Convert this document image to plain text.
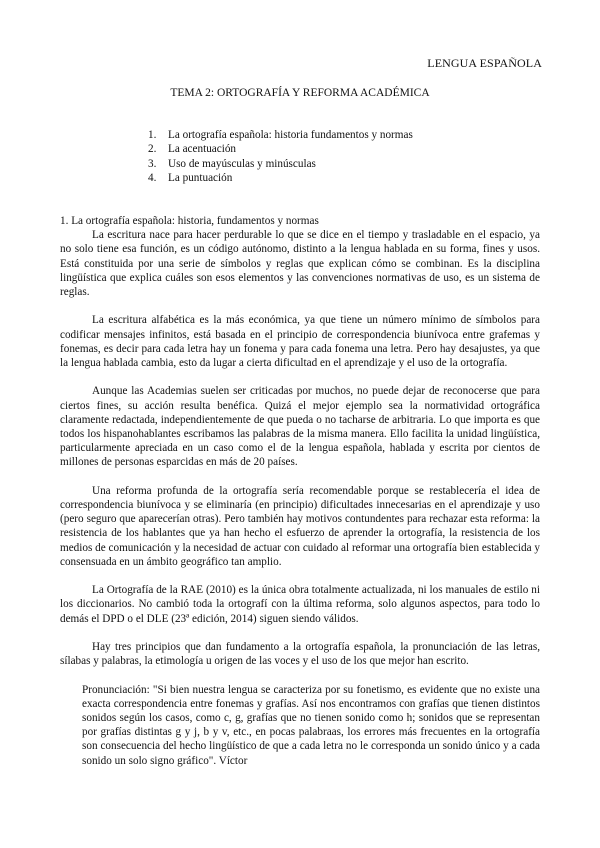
LENGUA ESPAÑOLA
TEMA 2: ORTOGRAFÍA Y REFORMA ACADÉMICA
1.	La ortografía española: historia fundamentos y normas
2.	La acentuación
3.	Uso de mayúsculas y minúsculas
4.	La puntuación

1. La ortografía española: historia, fundamentos y normas

La escritura nace para hacer perdurable lo que se dice en el tiempo y trasladable en el espacio, ya no solo tiene esa función, es un código autónomo, distinto a la lengua hablada en su forma, fines y usos. Está constituida por una serie de símbolos y reglas que explican cómo se combinan. Es la disciplina lingüística que explica cuáles son esos elementos y las convenciones normativas de uso, es un sistema de reglas.

La escritura alfabética es la más económica, ya que tiene un número mínimo de símbolos para codificar mensajes infinitos, está basada en el principio de correspondencia biunívoca entre grafemas y fonemas, es decir para cada letra hay un fonema y para cada fonema una letra. Pero hay desajustes, ya que la lengua hablada cambia, esto da lugar a cierta dificultad en el aprendizaje y el uso de la ortografía.

Aunque las Academias suelen ser criticadas por muchos, no puede dejar de reconocerse que para ciertos fines, su acción resulta benéfica. Quizá el mejor ejemplo sea la normatividad ortográfica claramente redactada, independientemente de que pueda o no tacharse de arbitraria. Lo que importa es que todos los hispanohablantes escribamos las palabras de la misma manera. Ello facilita la unidad lingüística, particularmente apreciada en un caso como el de la lengua española, hablada y escrita por cientos de millones de personas esparcidas en más de 20 países.

Una reforma profunda de la ortografía sería recomendable porque se restablecería el idea de correspondencia biunívoca y se eliminaría (en principio) dificultades innecesarias en el aprendizaje y uso (pero seguro que aparecerían otras). Pero también hay motivos contundentes para rechazar esta reforma: la resistencia de los hablantes que ya han hecho el esfuerzo de aprender la ortografía, la resistencia de los medios de comunicación y la necesidad de actuar con cuidado al reformar una ortografía bien establecida y consensuada en un ámbito geográfico tan amplio.

La Ortografía de la RAE (2010) es la única obra totalmente actualizada, ni los manuales de estilo ni los diccionarios. No cambió toda la ortografí con la última reforma, solo algunos aspectos, para todo lo demás el DPD o el DLE (23ª edición, 2014) siguen siendo válidos.

Hay tres principios que dan fundamento a la ortografía española, la pronunciación de las letras, sílabas y palabras, la etimología u origen de las voces y el uso de los que mejor han escrito.

Pronunciación: "Si bien nuestra lengua se caracteriza por su fonetismo, es evidente que no existe una exacta correspondencia entre fonemas y grafías. Así nos encontramos con grafías que tienen distintos sonidos según los casos, como c, g, grafías que no tienen sonido como h; sonidos que se representan por grafías distintas g y j, b y v, etc., en pocas palabraas, los errores más frecuentes en la ortografía son consecuencia del hecho lingüístico de que a cada letra no le corresponda un sonido único y a cada sonido un solo signo gráfico". Víctor
